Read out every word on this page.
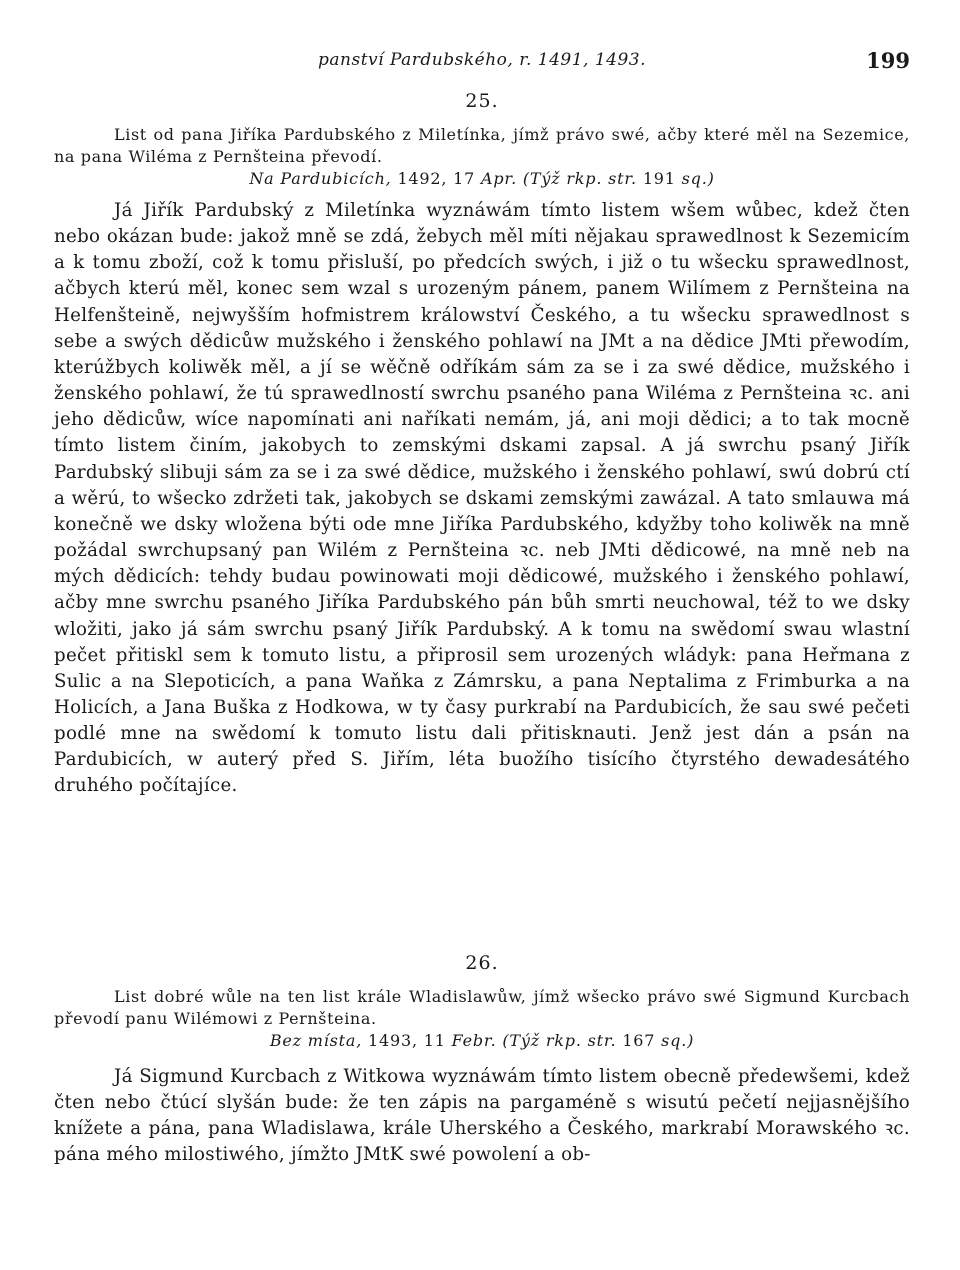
panství Pardubského, r. 1491, 1493.	199
25.
List od pana Jiříka Pardubského z Miletínka, jímž právo swé, ačby které měl na Sezemice, na pana Wiléma z Pernšteina převodí.
Na Pardubicích, 1492, 17 Apr. (Týž rkp. str. 191 sq.)
Já Jiřík Pardubský z Miletínka wyznáwám tímto listem wšem wůbec, kdež čten nebo okázan bude: jakož mně se zdá, žebych měl míti nějakau sprawedlnost k Sezemicím a k tomu zboží, což k tomu přisluší, po předcích swých, i již o tu wšecku sprawedlnost, ačbych kterú měl, konec sem wzal s urozeným pánem, panem Wilímem z Pernšteina na Helfenšteině, nejwyšším hofmistrem králowství Českého, a tu wšecku sprawedlnost s sebe a swých dědicůw mužského i ženského pohlawí na JMt a na dědice JMti přewodím, kterúžbych koliwěk měl, a jí se wěčně odříkám sám za se i za swé dědice, mužského i ženského pohlawí, že tú sprawedlností swrchu psaného pana Wiléma z Pernšteina ꝛc. ani jeho dědicůw, wíce napomínati ani naříkati nemám, já, ani moji dědici; a to tak mocně tímto listem činím, jakobych to zemskými dskami zapsal. A já swrchu psaný Jiřík Pardubský slibuji sám za se i za swé dědice, mužského i ženského pohlawí, swú dobrú ctí a wěrú, to wšecko zdržeti tak, jakobych se dskami zemskými zawázal. A tato smlauwa má konečně we dsky wložena býti ode mne Jiříka Pardubského, kdyžby toho koliwěk na mně požádal swrchupsaný pan Wilém z Pernšteina ꝛc. neb JMti dědicowé, na mně neb na mých dědicích: tehdy budau powinowati moji dědicowé, mužského i ženského pohlawí, ačby mne swrchu psaného Jiříka Pardubského pán bůh smrti neuchowal, též to we dsky wložiti, jako já sám swrchu psaný Jiřík Pardubský. A k tomu na swědomí swau wlastní pečet přitiskl sem k tomuto listu, a připrosil sem urozených wládyk: pana Heřmana z Sulic a na Slepoticích, a pana Waňka z Zámrsku, a pana Neptalima z Frimburka a na Holicích, a Jana Buška z Hodkowa, w ty časy purkrabí na Pardubicích, že sau swé pečeti podlé mne na swědomí k tomuto listu dali přitisknauti. Jenž jest dán a psán na Pardubicích, w auterý před S. Jiřím, léta buožího tisícího čtyrstého dewadesátého druhého počítajíce.
26.
List dobré wůle na ten list krále Wladislawůw, jímž wšecko právo swé Sigmund Kurcbach převodí panu Wilémowi z Pernšteina.
Bez místa, 1493, 11 Febr. (Týž rkp. str. 167 sq.)
Já Sigmund Kurcbach z Witkowa wyznáwám tímto listem obecně předewšemi, kdež čten nebo čtúcí slyšán bude: že ten zápis na pargaméně s wisutú pečetí nejjasnějšího knížete a pána, pana Wladislawa, krále Uherského a Českého, markrabí Morawského ꝛc. pána mého milostiwého, jímžto JMtK swé powolení a ob-
